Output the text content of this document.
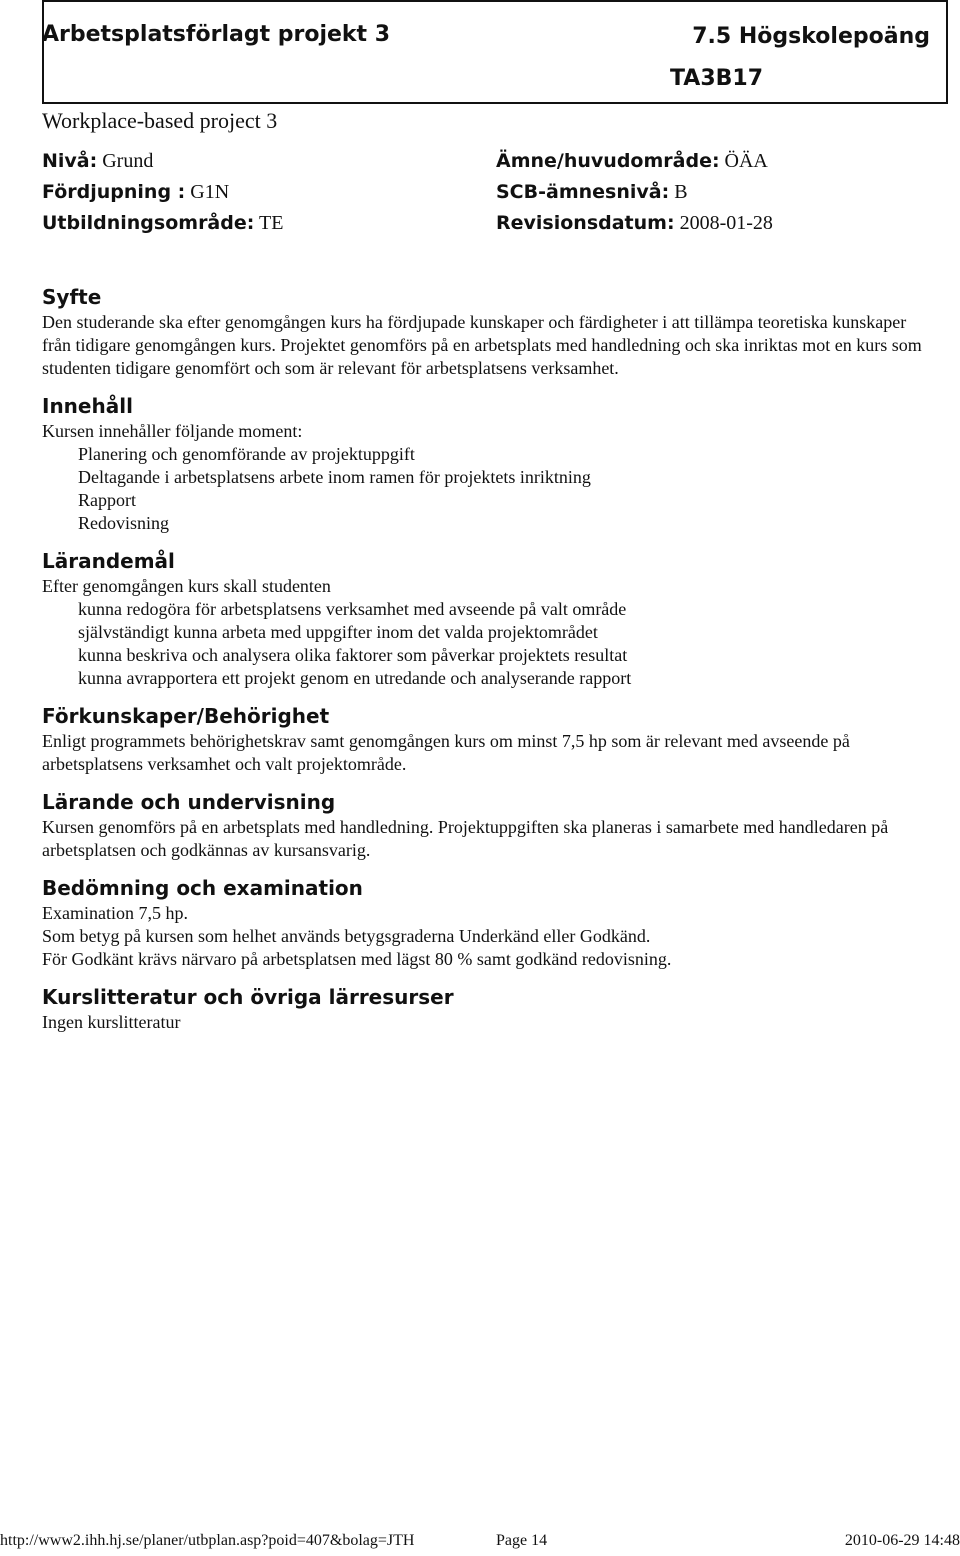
7.5 Högskolepoäng
TA3B17
Arbetsplatsförlagt projekt 3
Workplace-based project 3
Nivå: Grund
Fördjupning : G1N
Utbildningsområde: TE
Ämne/huvudområde: ÖÄA
SCB-ämnesnivå: B
Revisionsdatum: 2008-01-28
Syfte

Den studerande ska efter genomgången kurs ha fördjupade kunskaper och färdigheter i att tillämpa teoretiska kunskaper från tidigare genomgången kurs. Projektet genomförs på en arbetsplats med handledning och ska inriktas mot en kurs som studenten tidigare genomfört och som är relevant för arbetsplatsens verksamhet.

Innehåll

Kursen innehåller följande moment:

Planering och genomförande av projektuppgift
Deltagande i arbetsplatsens arbete inom ramen för projektets inriktning
Rapport
Redovisning
Lärandemål

Efter genomgången kurs skall studenten

kunna redogöra för arbetsplatsens verksamhet med avseende på valt område
självständigt kunna arbeta med uppgifter inom det valda projektområdet
kunna beskriva och analysera olika faktorer som påverkar projektets resultat
kunna avrapportera ett projekt genom en utredande och analyserande rapport
Förkunskaper/Behörighet

Enligt programmets behörighetskrav samt genomgången kurs om minst 7,5 hp som är relevant med avseende på arbetsplatsens verksamhet och valt projektområde.

Lärande och undervisning

Kursen genomförs på en arbetsplats med handledning. Projektuppgiften ska planeras i samarbete med handledaren på arbetsplatsen och godkännas av kursansvarig.

Bedömning och examination

Examination 7,5 hp.

Som betyg på kursen som helhet används betygsgraderna Underkänd eller Godkänd.

För Godkänt krävs närvaro på arbetsplatsen med lägst 80 % samt godkänd redovisning.

Kurslitteratur och övriga lärresurser

Ingen kurslitteratur

http://www2.ihh.hj.se/planer/utbplan.asp?poid=407&bolag=JTH	Page 14	2010-06-29 14:48
